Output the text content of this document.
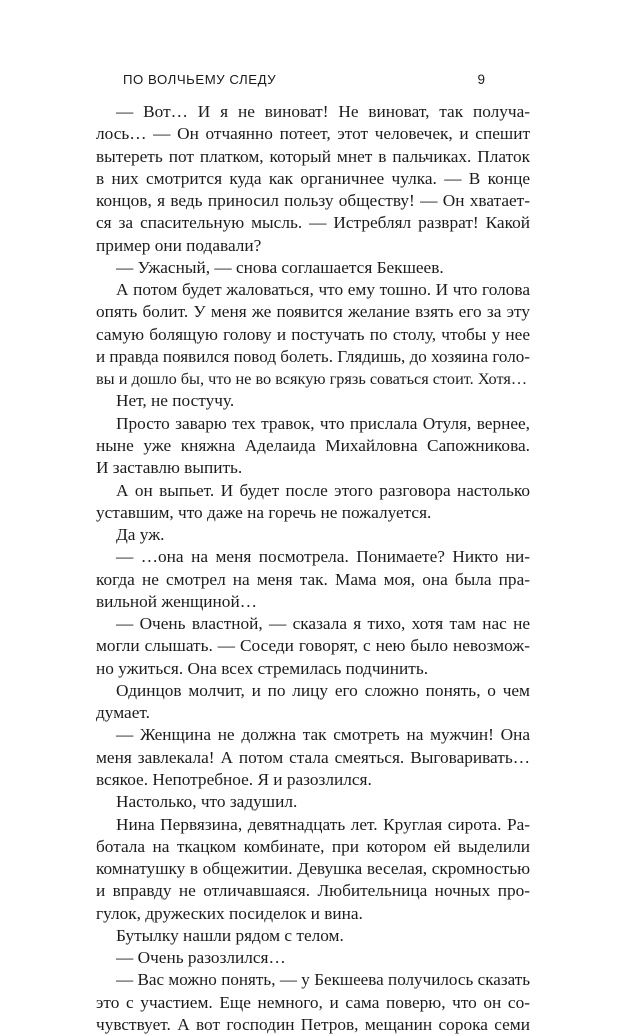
ПО ВОЛЧЬЕМУ СЛЕДУ	9
— Вот… И я не виноват! Не виноват, так получа-
лось… — Он отчаянно потеет, этот человечек, и спешит
вытереть пот платком, который мнет в пальчиках. Платок
в них смотрится куда как органичнее чулка. — В конце
концов, я ведь приносил пользу обществу! — Он хватает-
ся за спасительную мысль. — Истреблял разврат! Какой
пример они подавали?
— Ужасный, — снова соглашается Бекшеев.
А потом будет жаловаться, что ему тошно. И что голова
опять болит. У меня же появится желание взять его за эту
самую болящую голову и постучать по столу, чтобы у нее
и правда появился повод болеть. Глядишь, до хозяина голо-
вы и дошло бы, что не во всякую грязь соваться стоит. Хотя…
Нет, не постучу.
Просто заварю тех травок, что прислала Отуля, вернее,
ныне уже княжна Аделаида Михайловна Сапожникова.
И заставлю выпить.
А он выпьет. И будет после этого разговора настолько
уставшим, что даже на горечь не пожалуется.
Да уж.
— …она на меня посмотрела. Понимаете? Никто ни-
когда не смотрел на меня так. Мама моя, она была пра-
вильной женщиной…
— Очень властной, — сказала я тихо, хотя там нас не
могли слышать. — Соседи говорят, с нею было невозмож-
но ужиться. Она всех стремилась подчинить.
Одинцов молчит, и по лицу его сложно понять, о чем
думает.
— Женщина не должна так смотреть на мужчин! Она
меня завлекала! А потом стала смеяться. Выговаривать…
всякое. Непотребное. Я и разозлился.
Настолько, что задушил.
Нина Первязина, девятнадцать лет. Круглая сирота. Ра-
ботала на ткацком комбинате, при котором ей выделили
комнатушку в общежитии. Девушка веселая, скромностью
и вправду не отличавшаяся. Любительница ночных про-
гулок, дружеских посиделок и вина.
Бутылку нашли рядом с телом.
— Очень разозлился…
— Вас можно понять, — у Бекшеева получилось сказать
это с участием. Еще немного, и сама поверю, что он со-
чувствует. А вот господин Петров, мещанин сорока семи
